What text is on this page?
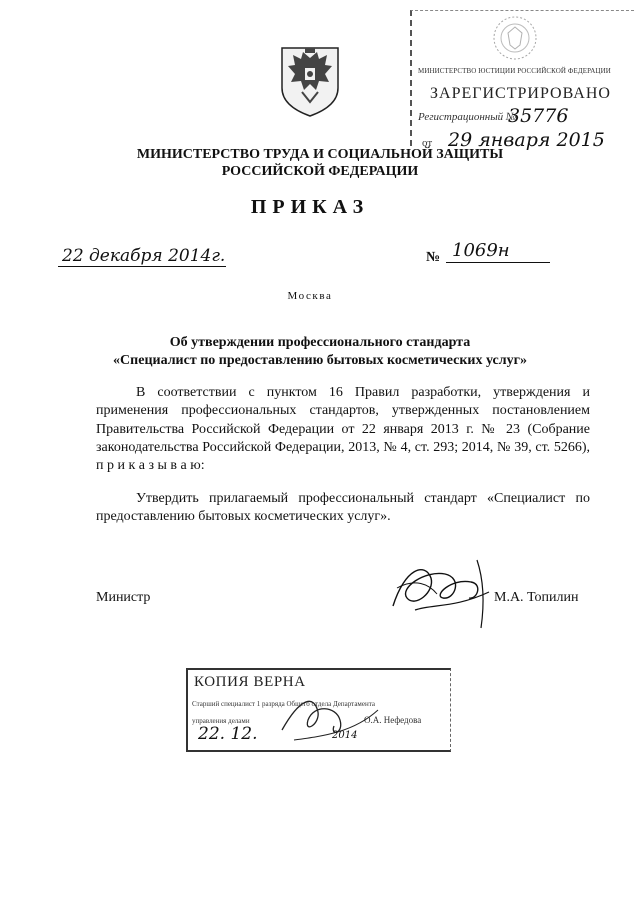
МИНИСТЕРСТВО ЮСТИЦИИ РОССИЙСКОЙ ФЕДЕРАЦИИ
ЗАРЕГИСТРИРОВАНО
Регистрационный №
35776
от 29 января 2015
МИНИСТЕРСТВО ТРУДА И СОЦИАЛЬНОЙ ЗАЩИТЫ
РОССИЙСКОЙ ФЕДЕРАЦИИ
ПРИКАЗ
22 декабря 2014г.	№ 1069н
Москва
Об утверждении профессионального стандарта
«Специалист по предоставлению бытовых косметических услуг»
В соответствии с пунктом 16 Правил разработки, утверждения и применения профессиональных стандартов, утвержденных постановлением Правительства Российской Федерации от 22 января 2013 г. № 23 (Собрание законодательства Российской Федерации, 2013, № 4, ст. 293; 2014, № 39, ст. 5266), п р и к а з ы в а ю:
Утвердить прилагаемый профессиональный стандарт «Специалист по предоставлению бытовых косметических услуг».
Министр	М.А. Топилин
КОПИЯ ВЕРНА
Старший специалист 1 разряда Общего отдела Департамента
управления делами	О.А. Нефедова
22. 12.	2014
